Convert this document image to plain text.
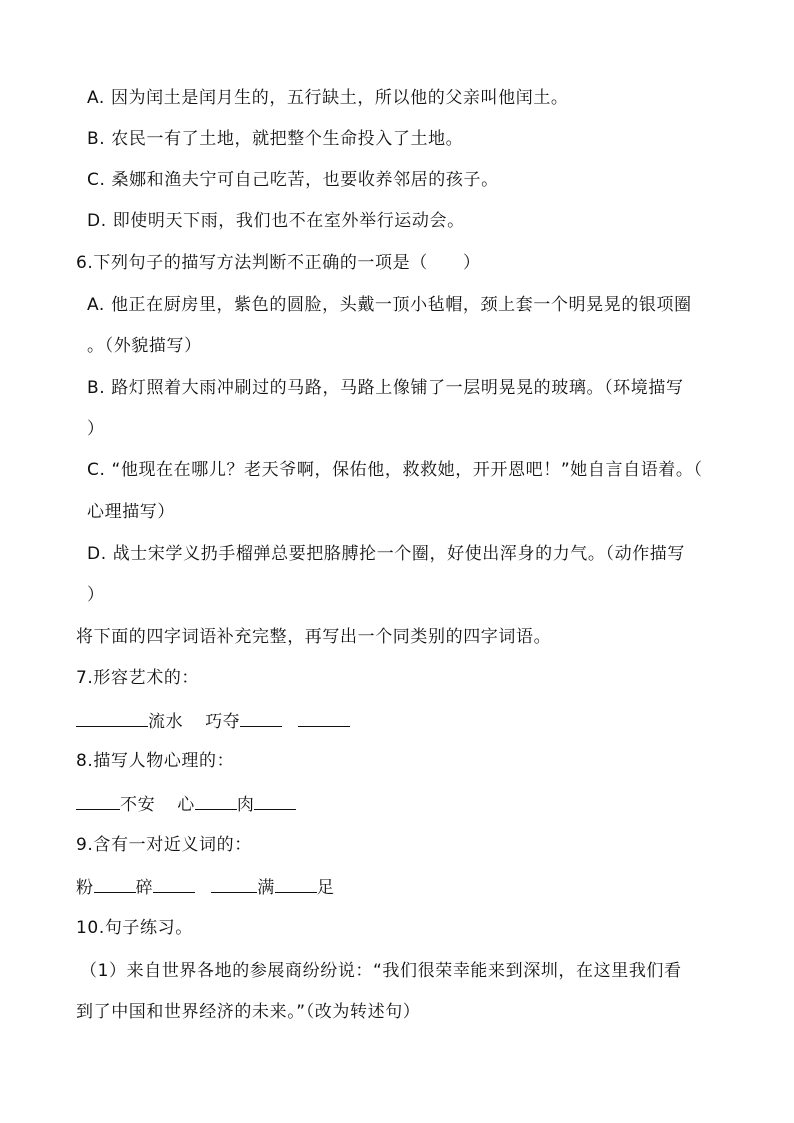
A. 因为闰土是闰月生的，五行缺土，所以他的父亲叫他闰土。
B. 农民一有了土地，就把整个生命投入了土地。
C. 桑娜和渔夫宁可自己吃苦，也要收养邻居的孩子。
D. 即使明天下雨，我们也不在室外举行运动会。
6.下列句子的描写方法判断不正确的一项是（　　）
A. 他正在厨房里，紫色的圆脸，头戴一顶小毡帽，颈上套一个明晃晃的银项圈
。（外貌描写）
B. 路灯照着大雨冲刷过的马路，马路上像铺了一层明晃晃的玻璃。（环境描写
）
C. “他现在在哪儿？老天爷啊，保佑他，救救她，开开恩吧！”她自言自语着。（
心理描写）
D. 战士宋学义扔手榴弹总要把胳膊抡一个圈，好使出浑身的力气。（动作描写
）
将下面的四字词语补充完整，再写出一个同类别的四字词语。
7.形容艺术的：
流水 巧夺
8.描写人物心理的：
不安 心 肉
9.含有一对近义词的：
粉 碎	满 足
10.句子练习。
（1）来自世界各地的参展商纷纷说：“我们很荣幸能来到深圳，在这里我们看
到了中国和世界经济的未来。”（改为转述句）
